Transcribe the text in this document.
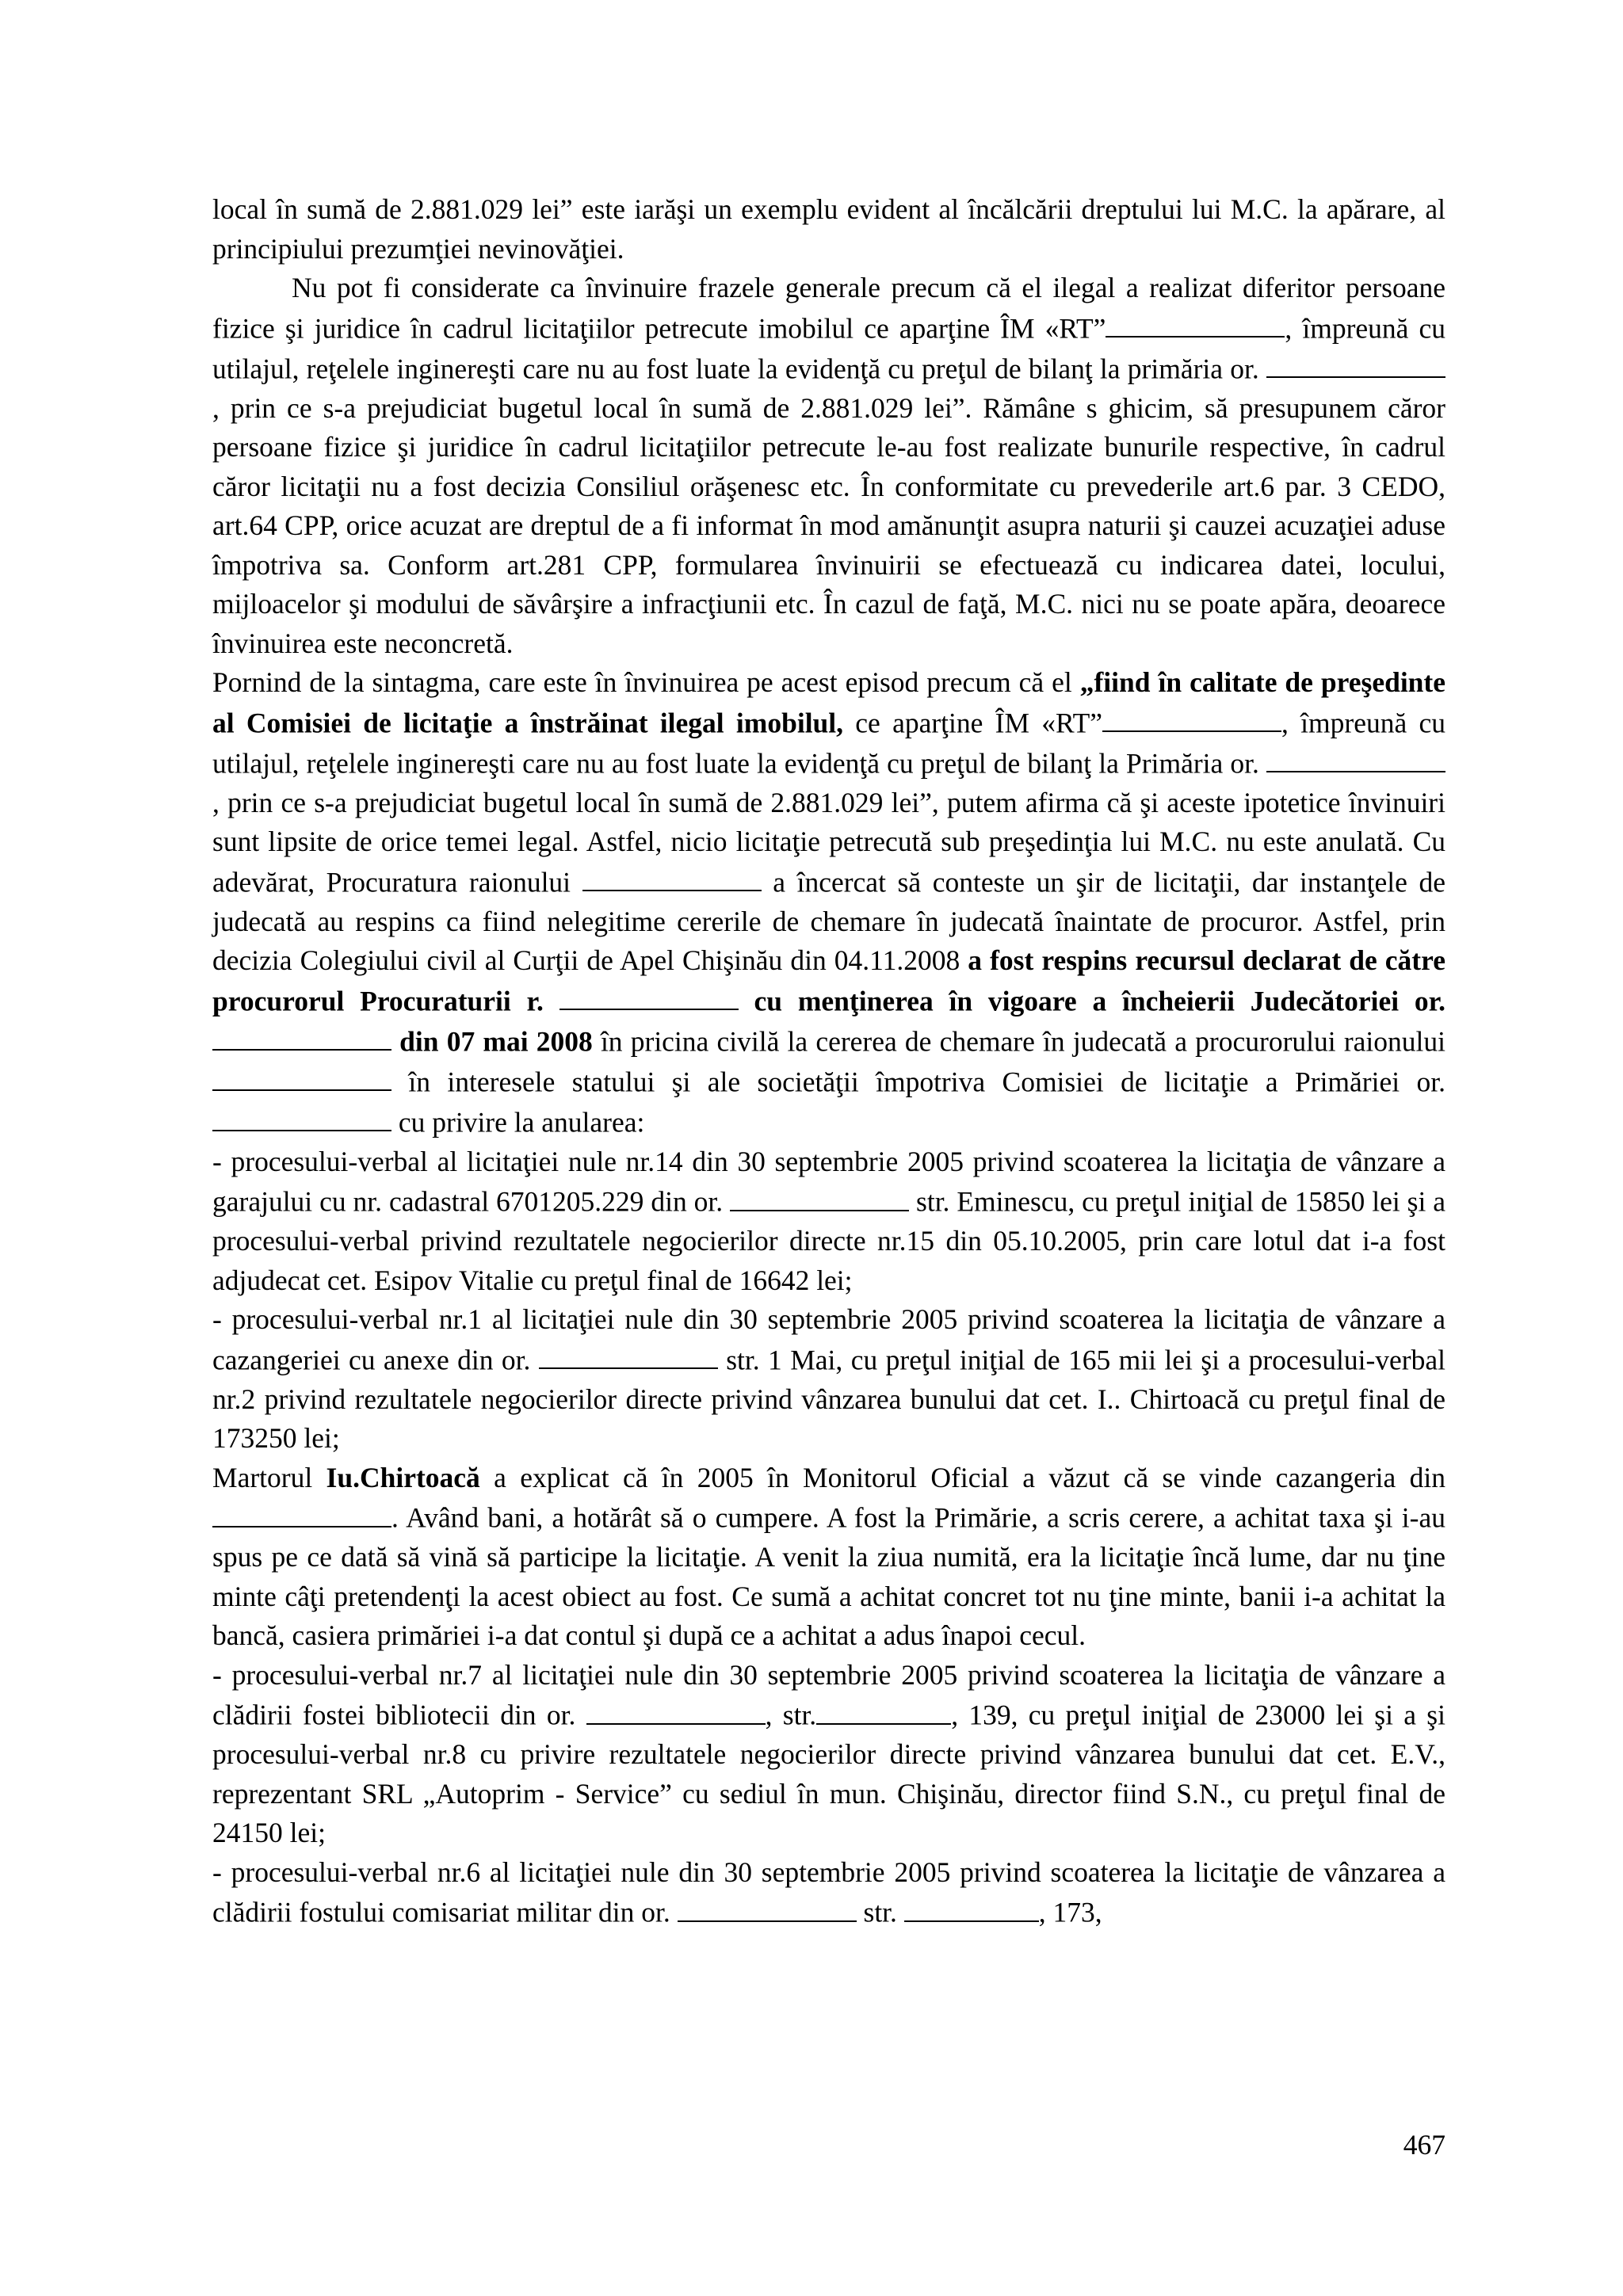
local în sumă de 2.881.029 lei” este iarăşi un exemplu evident al încălcării dreptului lui M.C. la apărare, al principiului prezumţiei nevinovăţiei.

Nu pot fi considerate ca învinuire frazele generale precum că el ilegal a realizat diferitor persoane fizice şi juridice în cadrul licitaţiilor petrecute imobilul ce aparţine ÎM «RT”	, împreună cu utilajul, reţelele inginereşti care nu au fost luate la evidenţă cu preţul de bilanţ la primăria or. , prin ce s-a prejudiciat bugetul local în sumă de 2.881.029 lei”. Rămâne s ghicim, să presupunem căror persoane fizice şi juridice în cadrul licitaţiilor petrecute le-au fost realizate bunurile respective, în cadrul căror licitaţii nu a fost decizia Consiliul orăşenesc etc. În conformitate cu prevederile art.6 par. 3 CEDO, art.64 CPP, orice acuzat are dreptul de a fi informat în mod amănunţit asupra naturii şi cauzei acuzaţiei aduse împotriva sa. Conform art.281 CPP, formularea învinuirii se efectuează cu indicarea datei, locului, mijloacelor şi modului de săvârşire a infracţiunii etc. În cazul de faţă, M.C. nici nu se poate apăra, deoarece învinuirea este neconcretă.

Pornind de la sintagma, care este în învinuirea pe acest episod precum că el „fiind în calitate de preşedinte al Comisiei de licitaţie a înstrăinat ilegal imobilul, ce aparţine ÎM «RT”	, împreună cu utilajul, reţelele inginereşti care nu au fost luate la evidenţă cu preţul de bilanţ la Primăria or. , prin ce s-a prejudiciat bugetul local în sumă de 2.881.029 lei”, putem afirma că şi aceste ipotetice învinuiri sunt lipsite de orice temei legal. Astfel, nicio licitaţie petrecută sub preşedinţia lui M.C. nu este anulată. Cu adevărat, Procuratura raionului	a încercat să conteste un şir de licitaţii, dar instanţele de judecată au respins ca fiind nelegitime cererile de chemare în judecată înaintate de procuror. Astfel, prin decizia Colegiului civil al Curţii de Apel Chişinău din 04.11.2008 a fost respins recursul declarat de către procurorul Procuraturii r.	cu menţinerea în vigoare a încheierii Judecătoriei or.  din 07 mai 2008 în pricina civilă la cererea de chemare în judecată a procurorului raionului  în interesele statului şi ale societăţii împotriva Comisiei de licitaţie a Primăriei or.  cu privire la anularea:

- procesului-verbal al licitaţiei nule nr.14 din 30 septembrie 2005 privind scoaterea la licitaţia de vânzare a garajului cu nr. cadastral 6701205.229 din or.	str. Eminescu, cu preţul iniţial de 15850 lei şi a procesului-verbal privind rezultatele negocierilor directe nr.15 din 05.10.2005, prin care lotul dat i-a fost adjudecat cet. Esipov Vitalie cu preţul final de 16642 lei;

- procesului-verbal nr.1 al licitaţiei nule din 30 septembrie 2005 privind scoaterea la licitaţia de vânzare a cazangeriei cu anexe din or.	str. 1 Mai, cu preţul iniţial de 165 mii lei şi a procesului-verbal nr.2 privind rezultatele negocierilor directe privind vânzarea bunului dat cet. I.. Chirtoacă cu preţul final de 173250 lei;

Martorul Iu.Chirtoacă a explicat că în 2005 în Monitorul Oficial a văzut că se vinde cazangeria din . Având bani, a hotărât să o cumpere. A fost la Primărie, a scris cerere, a achitat taxa şi i-au spus pe ce dată să vină să participe la licitaţie. A venit la ziua numită, era la licitaţie încă lume, dar nu ţine minte câţi pretendenţi la acest obiect au fost. Ce sumă a achitat concret tot nu ţine minte, banii i-a achitat la bancă, casiera primăriei i-a dat contul şi după ce a achitat a adus înapoi cecul.

- procesului-verbal nr.7 al licitaţiei nule din 30 septembrie 2005 privind scoaterea la licitaţia de vânzare a clădirii fostei bibliotecii din or.	, str.	, 139, cu preţul iniţial de 23000 lei şi a şi procesului-verbal nr.8 cu privire rezultatele negocierilor directe privind vânzarea bunului dat cet. E.V., reprezentant SRL „Autoprim - Service” cu sediul în mun. Chişinău, director fiind S.N., cu preţul final de 24150 lei;

- procesului-verbal nr.6 al licitaţiei nule din 30 septembrie 2005 privind scoaterea la licitaţie de vânzarea a clădirii fostului comisariat militar din or.	str.	, 173,

467
